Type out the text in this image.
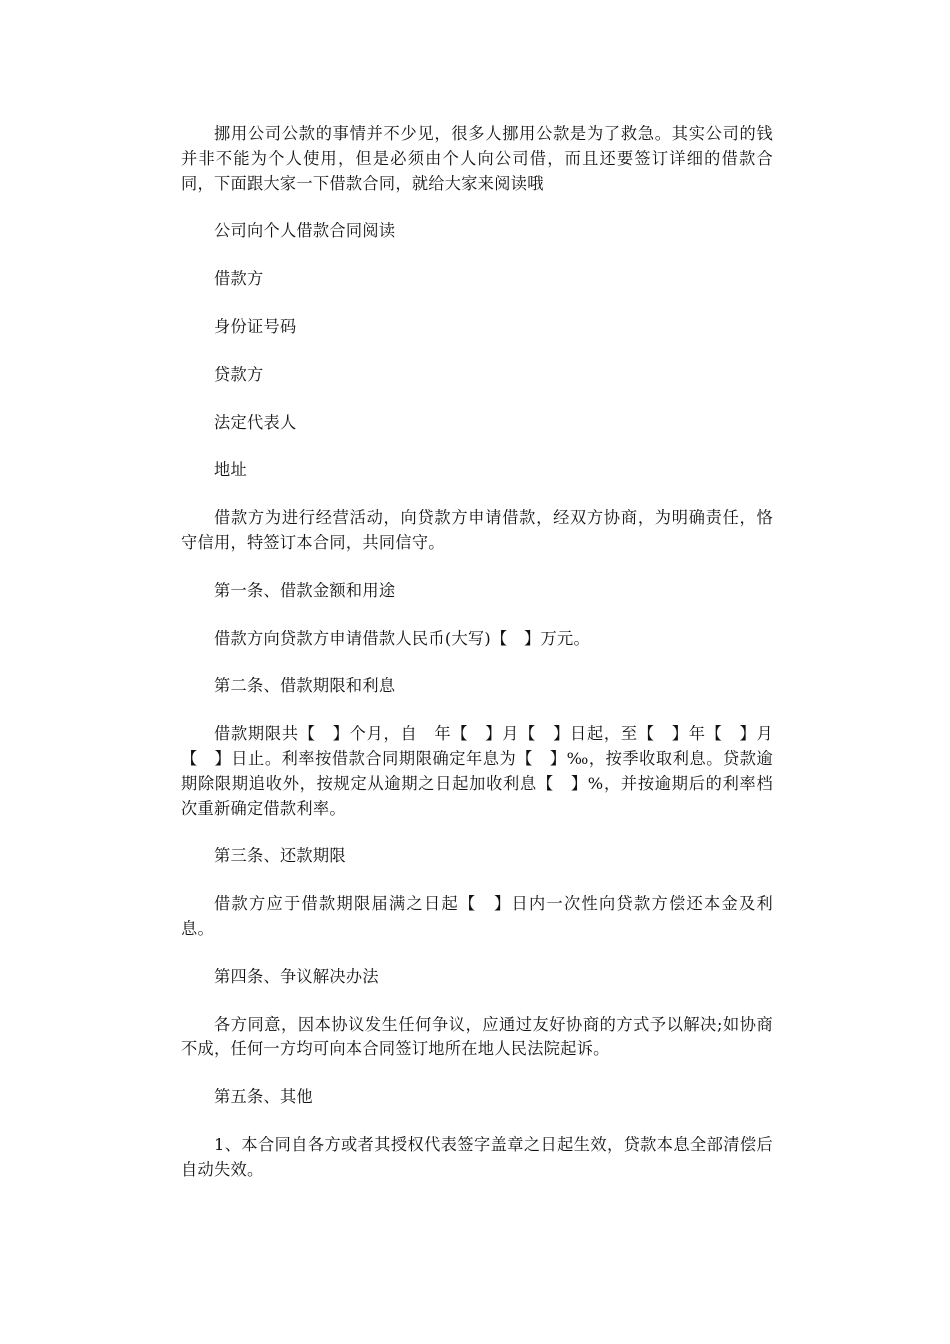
挪用公司公款的事情并不少见，很多人挪用公款是为了救急。其实公司的钱并非不能为个人使用，但是必须由个人向公司借，而且还要签订详细的借款合同，下面跟大家一下借款合同，就给大家来阅读哦

公司向个人借款合同阅读

借款方

身份证号码

贷款方

法定代表人

地址

借款方为进行经营活动，向贷款方申请借款，经双方协商，为明确责任，恪守信用，特签订本合同，共同信守。

第一条、借款金额和用途

借款方向贷款方申请借款人民币(大写)【　】万元。

第二条、借款期限和利息

借款期限共【　】个月，自　年【　】月【　】日起，至【　】年【　】月【　】日止。利率按借款合同期限确定年息为【　】‰，按季收取利息。贷款逾期除限期追收外，按规定从逾期之日起加收利息【　】%，并按逾期后的利率档次重新确定借款利率。

第三条、还款期限

借款方应于借款期限届满之日起【　】日内一次性向贷款方偿还本金及利息。

第四条、争议解决办法

各方同意，因本协议发生任何争议，应通过友好协商的方式予以解决;如协商不成，任何一方均可向本合同签订地所在地人民法院起诉。

第五条、其他

1、本合同自各方或者其授权代表签字盖章之日起生效，贷款本息全部清偿后自动失效。
